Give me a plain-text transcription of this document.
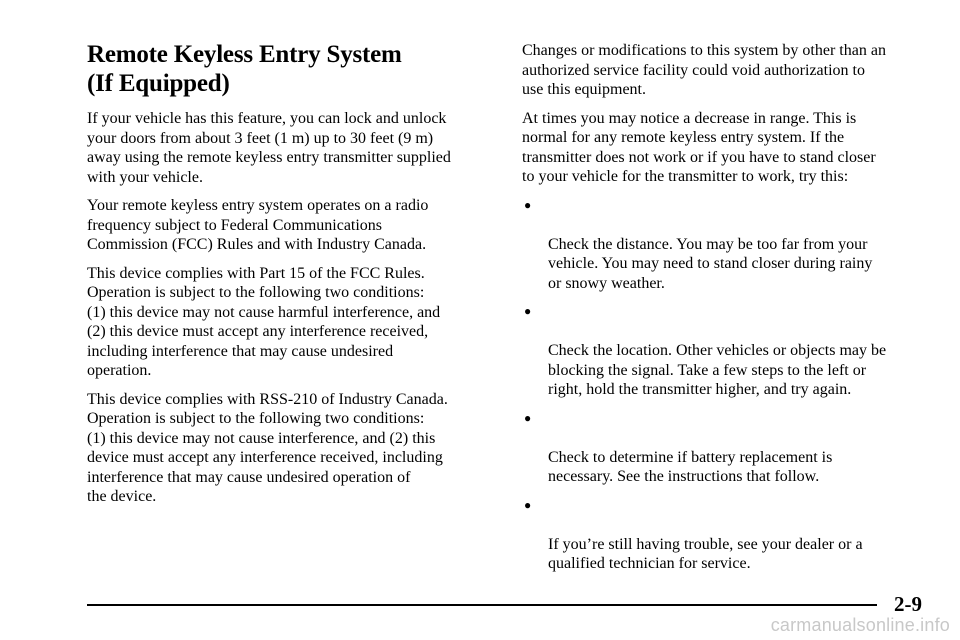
Remote Keyless Entry System
(If Equipped)

If your vehicle has this feature, you can lock and unlock
your doors from about 3 feet (1 m) up to 30 feet (9 m)
away using the remote keyless entry transmitter supplied
with your vehicle.

Your remote keyless entry system operates on a radio
frequency subject to Federal Communications
Commission (FCC) Rules and with Industry Canada.

This device complies with Part 15 of the FCC Rules.
Operation is subject to the following two conditions:
(1) this device may not cause harmful interference, and
(2) this device must accept any interference received,
including interference that may cause undesired
operation.

This device complies with RSS‐210 of Industry Canada.
Operation is subject to the following two conditions:
(1) this device may not cause interference, and (2) this
device must accept any interference received, including
interference that may cause undesired operation of
the device.

Changes or modifications to this system by other than an
authorized service facility could void authorization to
use this equipment.

At times you may notice a decrease in range. This is
normal for any remote keyless entry system. If the
transmitter does not work or if you have to stand closer
to your vehicle for the transmitter to work, try this:

●

Check the distance. You may be too far from your
vehicle. You may need to stand closer during rainy
or snowy weather.

●

Check the location. Other vehicles or objects may be
blocking the signal. Take a few steps to the left or
right, hold the transmitter higher, and try again.

●

Check to determine if battery replacement is
necessary. See the instructions that follow.

●

If you’re still having trouble, see your dealer or a
qualified technician for service.

2-9
carmanualsonline.info
